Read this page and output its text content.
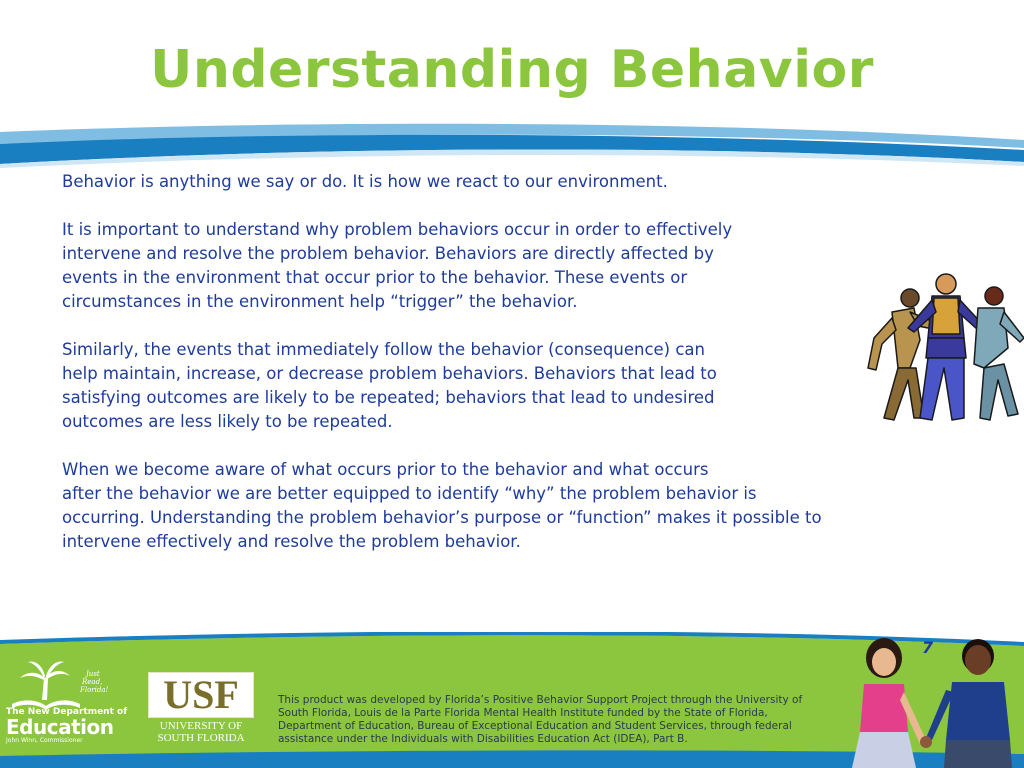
Understanding Behavior

Behavior is anything we say or do. It is how we react to our environment.

It is important to understand why problem behaviors occur in order to effectively
intervene and resolve the problem behavior. Behaviors are directly affected by
events in the environment that occur prior to the behavior. These events or
circumstances in the environment help “trigger” the behavior.

Similarly, the events that immediately follow the behavior (consequence) can
help maintain, increase, or decrease problem behaviors. Behaviors that lead to
satisfying outcomes are likely to be repeated; behaviors that lead to undesired
outcomes are less likely to be repeated.

When we become aware of what occurs prior to the behavior and what occurs
after the behavior we are better equipped to identify “why” the problem behavior is
occurring. Understanding the problem behavior’s purpose or “function” makes it possible to
intervene effectively and resolve the problem behavior.

7
Just Read, Florida!
The New Department of
Education
John Winn, Commissioner
USF
UNIVERSITY OF
SOUTH FLORIDA
This product was developed by Florida’s Positive Behavior Support Project through the University of
South Florida, Louis de la Parte Florida Mental Health Institute funded by the State of Florida,
Department of Education, Bureau of Exceptional Education and Student Services, through federal
assistance under the Individuals with Disabilities Education Act (IDEA), Part B.
